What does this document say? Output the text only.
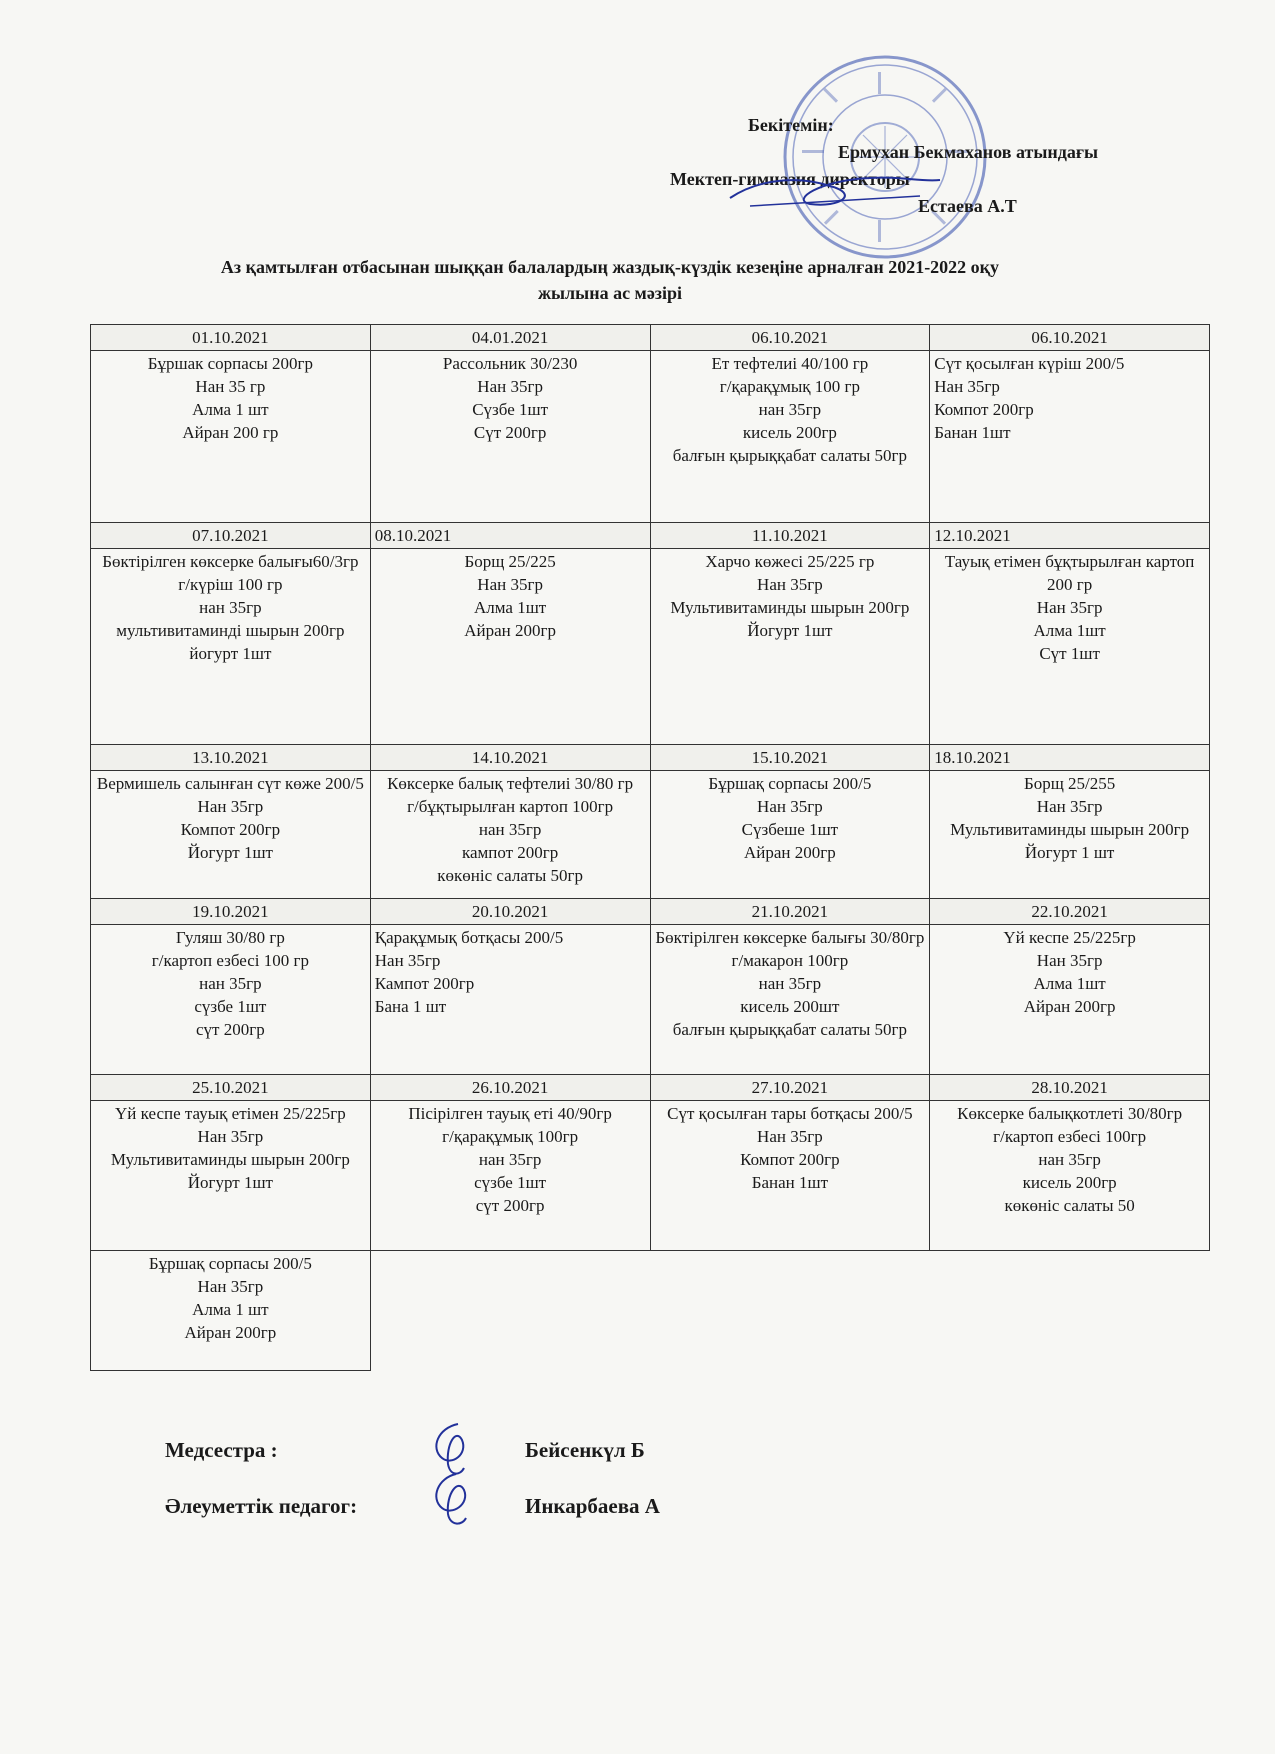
Бекітемін:
Ермухан Бекмаханов атындағы
Мектеп-гимназия директоры
Естаева А.Т
Аз қамтылған отбасынан шыққан балалардың жаздық-күздік кезеңіне арналған 2021-2022 оқу
жылына ас мәзірі
01.10.2021	04.01.2021	06.10.2021	06.10.2021

Бұршак сорпасы 200гр
Нан 35 гр
Алма 1 шт
Айран 200 гр	Рассольник 30/230
Нан 35гр
Сүзбе 1шт
Сүт 200гр	Ет тефтелиі 40/100 гр
г/қарақұмық 100 гр
нан 35гр
кисель 200гр
балғын қырыққабат салаты 50гр	Сүт қосылған күріш 200/5
Нан 35гр
Компот 200гр
Банан 1шт

07.10.2021	08.10.2021	11.10.2021	12.10.2021

Бөктірілген көксерке балығы60/3гр
г/күріш 100 гр
нан 35гр
мультивитаминді шырын 200гр
йогурт 1шт	Борщ 25/225
Нан 35гр
Алма 1шт
Айран 200гр	Харчо көжесі 25/225 гр
Нан 35гр
Мультивитаминды шырын 200гр
Йогурт 1шт	Тауық етімен бұқтырылған картоп 200 гр
Нан 35гр
Алма 1шт
Сүт 1шт

13.10.2021	14.10.2021	15.10.2021	18.10.2021

Вермишель салынған сүт көже 200/5
Нан 35гр
Компот 200гр
Йогурт 1шт	Көксерке балық тефтелиі 30/80 гр
г/бұқтырылған картоп 100гр
нан 35гр
кампот 200гр
көкөніс салаты 50гр	Бұршақ сорпасы 200/5
Нан 35гр
Сүзбеше 1шт
Айран 200гр	Борщ 25/255
Нан 35гр
Мультивитаминды шырын 200гр
Йогурт 1 шт

19.10.2021	20.10.2021	21.10.2021	22.10.2021

Гуляш 30/80 гр
г/картоп езбесі 100 гр
нан 35гр
сүзбе 1шт
сүт 200гр	Қарақұмық ботқасы 200/5
Нан 35гр
Кампот 200гр
Бана 1 шт	Бөктірілген көксерке балығы 30/80гр
г/макарон 100гр
нан 35гр
кисель 200шт
балғын қырыққабат салаты 50гр	Үй кеспе 25/225гр
Нан 35гр
Алма 1шт
Айран 200гр

25.10.2021	26.10.2021	27.10.2021	28.10.2021

Үй кеспе тауық етімен 25/225гр
Нан 35гр
Мультивитаминды шырын 200гр
Йогурт 1шт	Пісірілген тауық еті 40/90гр
г/қарақұмық 100гр
нан 35гр
сүзбе 1шт
сүт 200гр	Сүт қосылған тары ботқасы 200/5
Нан 35гр
Компот 200гр
Банан 1шт	Көксерке балықкотлеті 30/80гр
г/картоп езбесі 100гр
нан 35гр
кисель 200гр
көкөніс салаты 50

Бұршақ сорпасы 200/5
Нан 35гр
Алма 1 шт
Айран 200гр			

Медсестра :	Бейсенкүл Б
Әлеуметтік педагог:	Инкарбаева А
